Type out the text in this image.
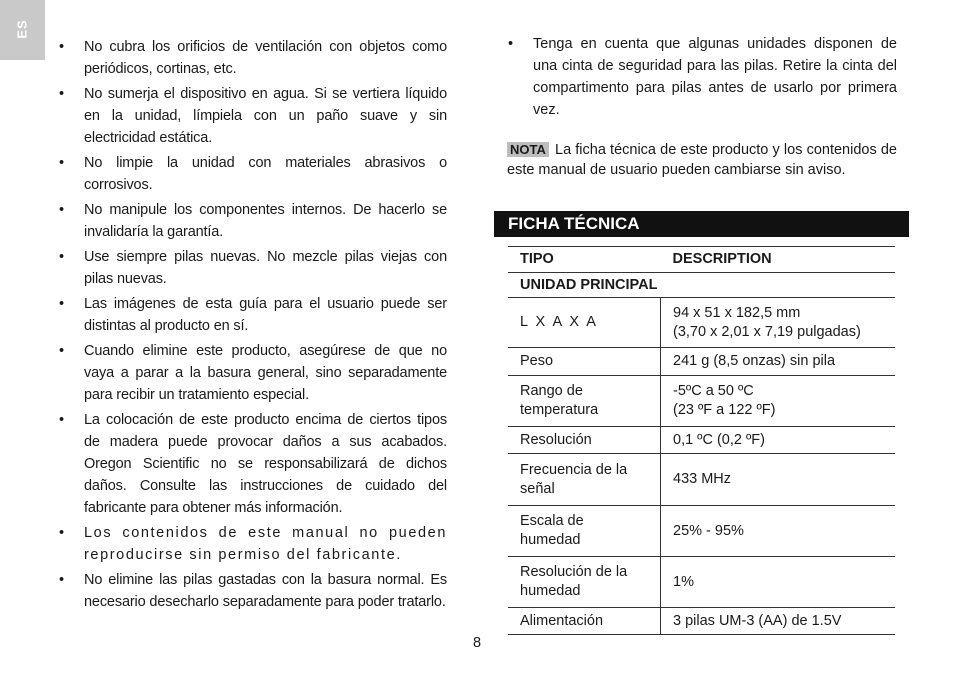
ES
• No cubra los orificios de ventilación con objetos como periódicos, cortinas, etc.
• No sumerja el dispositivo en agua. Si se vertiera líquido en la unidad, límpiela con un paño suave y sin electricidad estática.
• No limpie la unidad con materiales abrasivos o corrosivos.
• No manipule los componentes internos. De hacerlo se invalidaría la garantía.
• Use siempre pilas nuevas. No mezcle pilas viejas con pilas nuevas.
• Las imágenes de esta guía para el usuario puede ser distintas al producto en sí.
• Cuando elimine este producto, asegúrese de que no vaya a parar a la basura general, sino separadamente para recibir un tratamiento especial.
• La colocación de este producto encima de ciertos tipos de madera puede provocar daños a sus acabados. Oregon Scientific no se responsabilizará de dichos daños. Consulte las instrucciones de cuidado del fabricante para obtener más información.
• Los contenidos de este manual no pueden reproducirse sin permiso del fabricante.
• No elimine las pilas gastadas con la basura normal. Es necesario desecharlo separadamente para poder tratarlo.
• Tenga en cuenta que algunas unidades disponen de una cinta de seguridad para las pilas. Retire la cinta del compartimento para pilas antes de usarlo por primera vez.
NOTA La ficha técnica de este producto y los contenidos de este manual de usuario pueden cambiarse sin aviso.
FICHA TÉCNICA
TIPO	DESCRIPTION
UNIDAD PRINCIPAL	
L X A X A	94 x 51 x 182,5 mm
(3,70 x 2,01 x 7,19 pulgadas)
Peso	241 g (8,5 onzas) sin pila
Rango de
temperatura	-5ºC a 50 ºC
(23 ºF a 122 ºF)
Resolución	0,1 ºC (0,2 ºF)
Frecuencia de la
señal	433 MHz
Escala de
humedad	25% - 95%
Resolución de la
humedad	1%
Alimentación	3 pilas UM-3 (AA) de 1.5V
8
